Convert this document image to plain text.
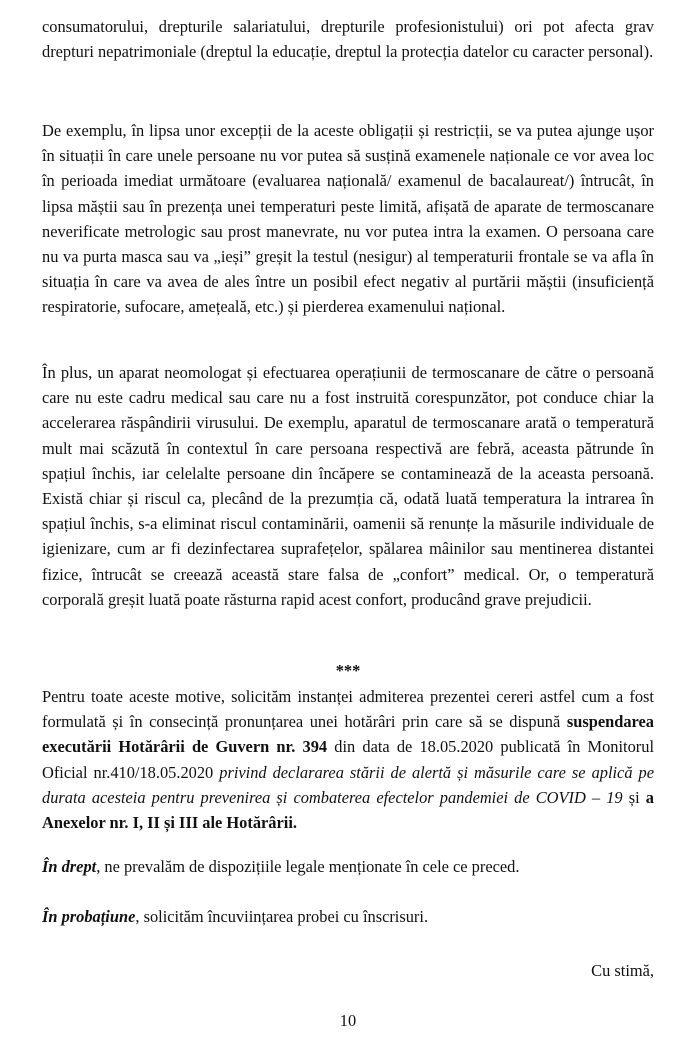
consumatorului, drepturile salariatului, drepturile profesionistului) ori pot afecta grav drepturi nepatrimoniale (dreptul la educație, dreptul la protecția datelor cu caracter personal).

De exemplu, în lipsa unor excepții de la aceste obligații și restricții, se va putea ajunge ușor în situații în care unele persoane nu vor putea să susțină examenele naționale ce vor avea loc în perioada imediat următoare (evaluarea națională/ examenul de bacalaureat/) întrucât, în lipsa măștii sau în prezența unei temperaturi peste limită, afișată de aparate de termoscanare neverificate metrologic sau prost manevrate, nu vor putea intra la examen. O persoana care nu va purta masca sau va „ieși” greșit la testul (nesigur) al temperaturii frontale se va afla în situația în care va avea de ales între un posibil efect negativ al purtării măștii (insuficiență respiratorie, sufocare, amețeală, etc.) și pierderea examenului național.

În plus, un aparat neomologat și efectuarea operațiunii de termoscanare de către o persoană care nu este cadru medical sau care nu a fost instruită corespunzător, pot conduce chiar la accelerarea răspândirii virusului. De exemplu, aparatul de termoscanare arată o temperatură mult mai scăzută în contextul în care persoana respectivă are febră, aceasta pătrunde în spațiul închis, iar celelalte persoane din încăpere se contaminează de la aceasta persoană. Există chiar și riscul ca, plecând de la prezumția că, odată luată temperatura la intrarea în spațiul închis, s-a eliminat riscul contaminării, oamenii să renunțe la măsurile individuale de igienizare, cum ar fi dezinfectarea suprafețelor, spălarea mâinilor sau mentinerea distantei fizice, întrucât se creează această stare falsa de „confort” medical. Or, o temperatură corporală greșit luată poate răsturna rapid acest confort, producând grave prejudicii.

***

Pentru toate aceste motive, solicităm instanței admiterea prezentei cereri astfel cum a fost formulată și în consecință pronunțarea unei hotărâri prin care să se dispună suspendarea executării Hotărârii de Guvern nr. 394 din data de 18.05.2020 publicată în Monitorul Oficial nr.410/18.05.2020 privind declararea stării de alertă și măsurile care se aplică pe durata acesteia pentru prevenirea și combaterea efectelor pandemiei de COVID – 19 și a Anexelor nr. I, II și III ale Hotărârii.

În drept, ne prevalăm de dispozițiile legale menționate în cele ce preced.

În probațiune, solicităm încuviințarea probei cu înscrisuri.

Cu stimă,
10
